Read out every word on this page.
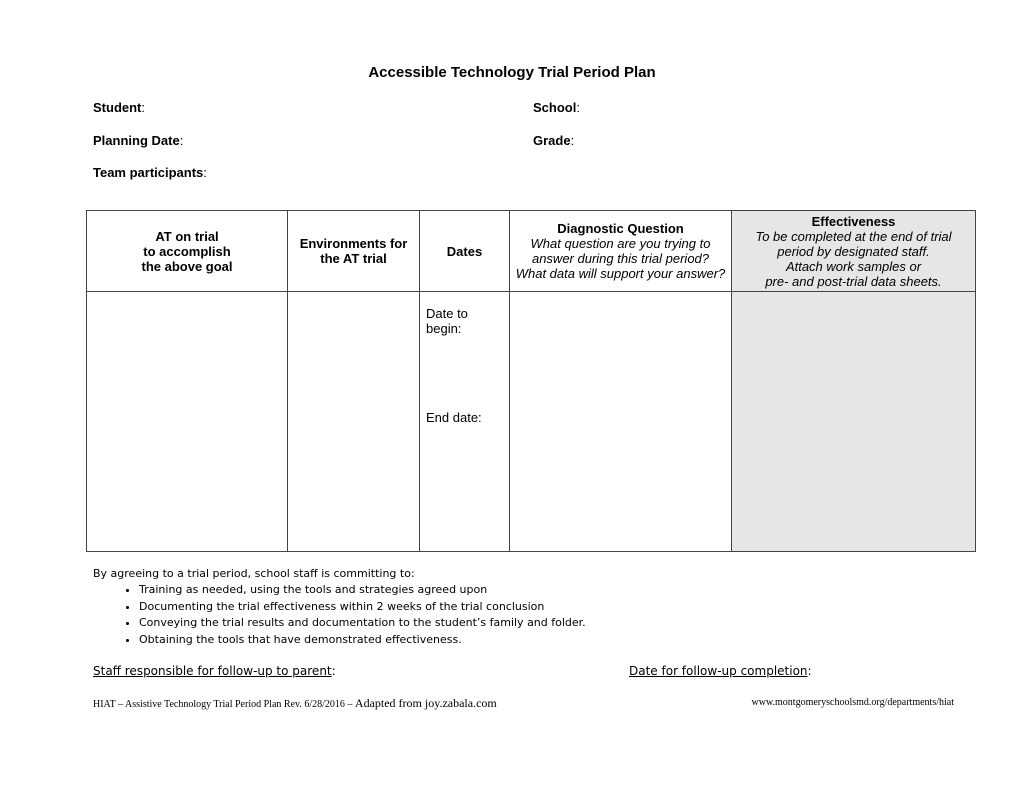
Accessible Technology Trial Period Plan
Student:	School:
Planning Date:	Grade:
Team participants:
AT on trial
to accomplish
the above goal	Environments for
the AT trial	Dates	Diagnostic Question
What question are you trying to
answer during this trial period?
What data will support your answer?	Effectiveness
To be completed at the end of trial
period by designated staff.
Attach work samples or
pre- and post-trial data sheets.

		Date to begin:
End date:		

By agreeing to a trial period, school staff is committing to:
• Training as needed, using the tools and strategies agreed upon
• Documenting the trial effectiveness within 2 weeks of the trial conclusion
• Conveying the trial results and documentation to the student’s family and folder.
• Obtaining the tools that have demonstrated effectiveness.
Staff responsible for follow-up to parent:	Date for follow-up completion:
HIAT – Assistive Technology Trial Period Plan Rev. 6/28/2016 – Adapted from joy.zabala.com	www.montgomeryschoolsmd.org/departments/hiat
